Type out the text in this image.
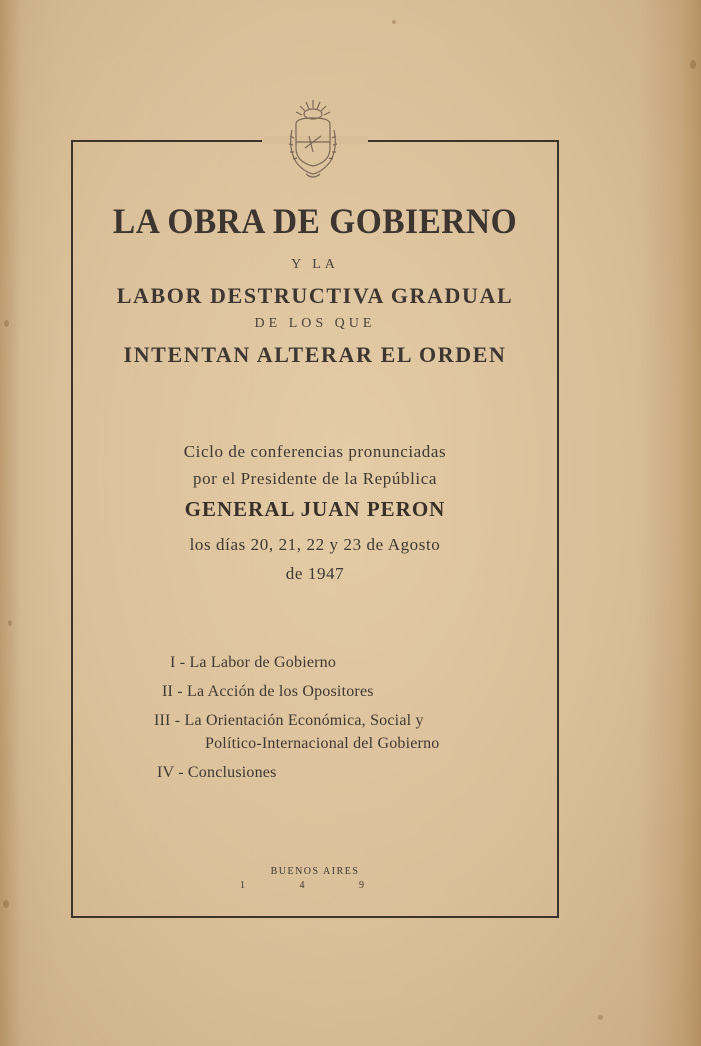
LA OBRA DE GOBIERNO
Y LA
LABOR DESTRUCTIVA GRADUAL
DE LOS QUE
INTENTAN ALTERAR EL ORDEN
Ciclo de conferencias pronunciadas
por el Presidente de la República
GENERAL JUAN PERON
los días 20, 21, 22 y 23 de Agosto
de 1947
I - La Labor de Gobierno
II - La Acción de los Opositores
III - La Orientación Económica, Social y
Político-Internacional del Gobierno
IV - Conclusiones
BUENOS AIRES
1 4 9
